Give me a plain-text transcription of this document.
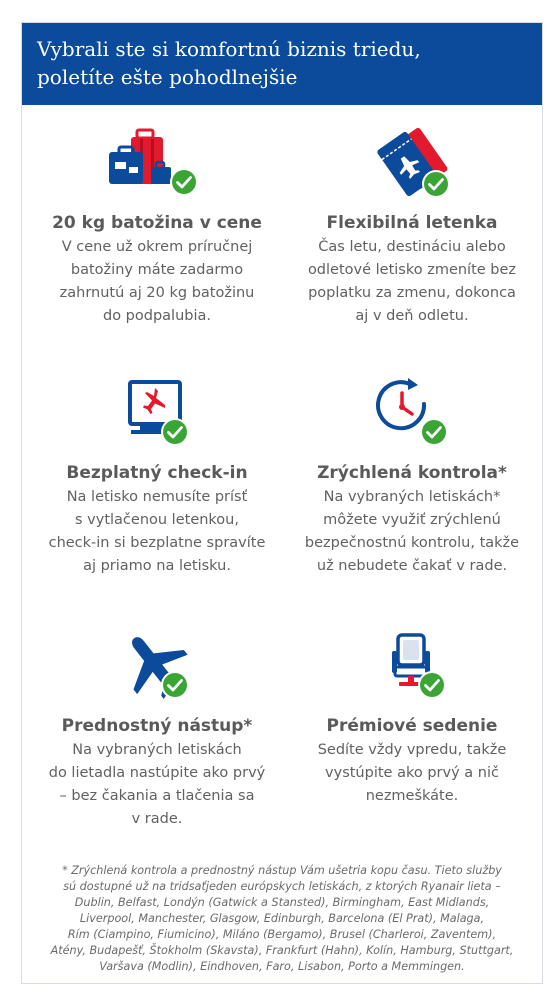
Vybrali ste si komfortnú biznis triedu,
poletíte ešte pohodlnejšie
20 kg batožina v cene
V cene už okrem príručnej
batožiny máte zadarmo
zahrnutú aj 20 kg batožinu
do podpalubia.
Flexibilná letenka
Čas letu, destináciu alebo
odletové letisko zmeníte bez
poplatku za zmenu, dokonca
aj v deň odletu.
Bezplatný check-in
Na letisko nemusíte prísť
s vytlačenou letenkou,
check-in si bezplatne spravíte
aj priamo na letisku.
Zrýchlená kontrola*
Na vybraných letiskách*
môžete využiť zrýchlenú
bezpečnostnú kontrolu, takže
už nebudete čakať v rade.
Prednostný nástup*
Na vybraných letiskách
do lietadla nastúpite ako prvý
– bez čakania a tlačenia sa
v rade.
Prémiové sedenie
Sedíte vždy vpredu, takže
vystúpite ako prvý a nič
nezmeškáte.
* Zrýchlená kontrola a prednostný nástup Vám ušetria kopu času. Tieto služby
sú dostupné už na tridsaťjeden európskych letiskách, z ktorých Ryanair lieta –
Dublin, Belfast, Londýn (Gatwick a Stansted), Birmingham, East Midlands,
Liverpool, Manchester, Glasgow, Edinburgh, Barcelona (El Prat), Malaga,
Rím (Ciampino, Fiumicino), Miláno (Bergamo), Brusel (Charleroi, Zaventem),
Atény, Budapešť, Štokholm (Skavsta), Frankfurt (Hahn), Kolín, Hamburg, Stuttgart,
Varšava (Modlin), Eindhoven, Faro, Lisabon, Porto a Memmingen.
